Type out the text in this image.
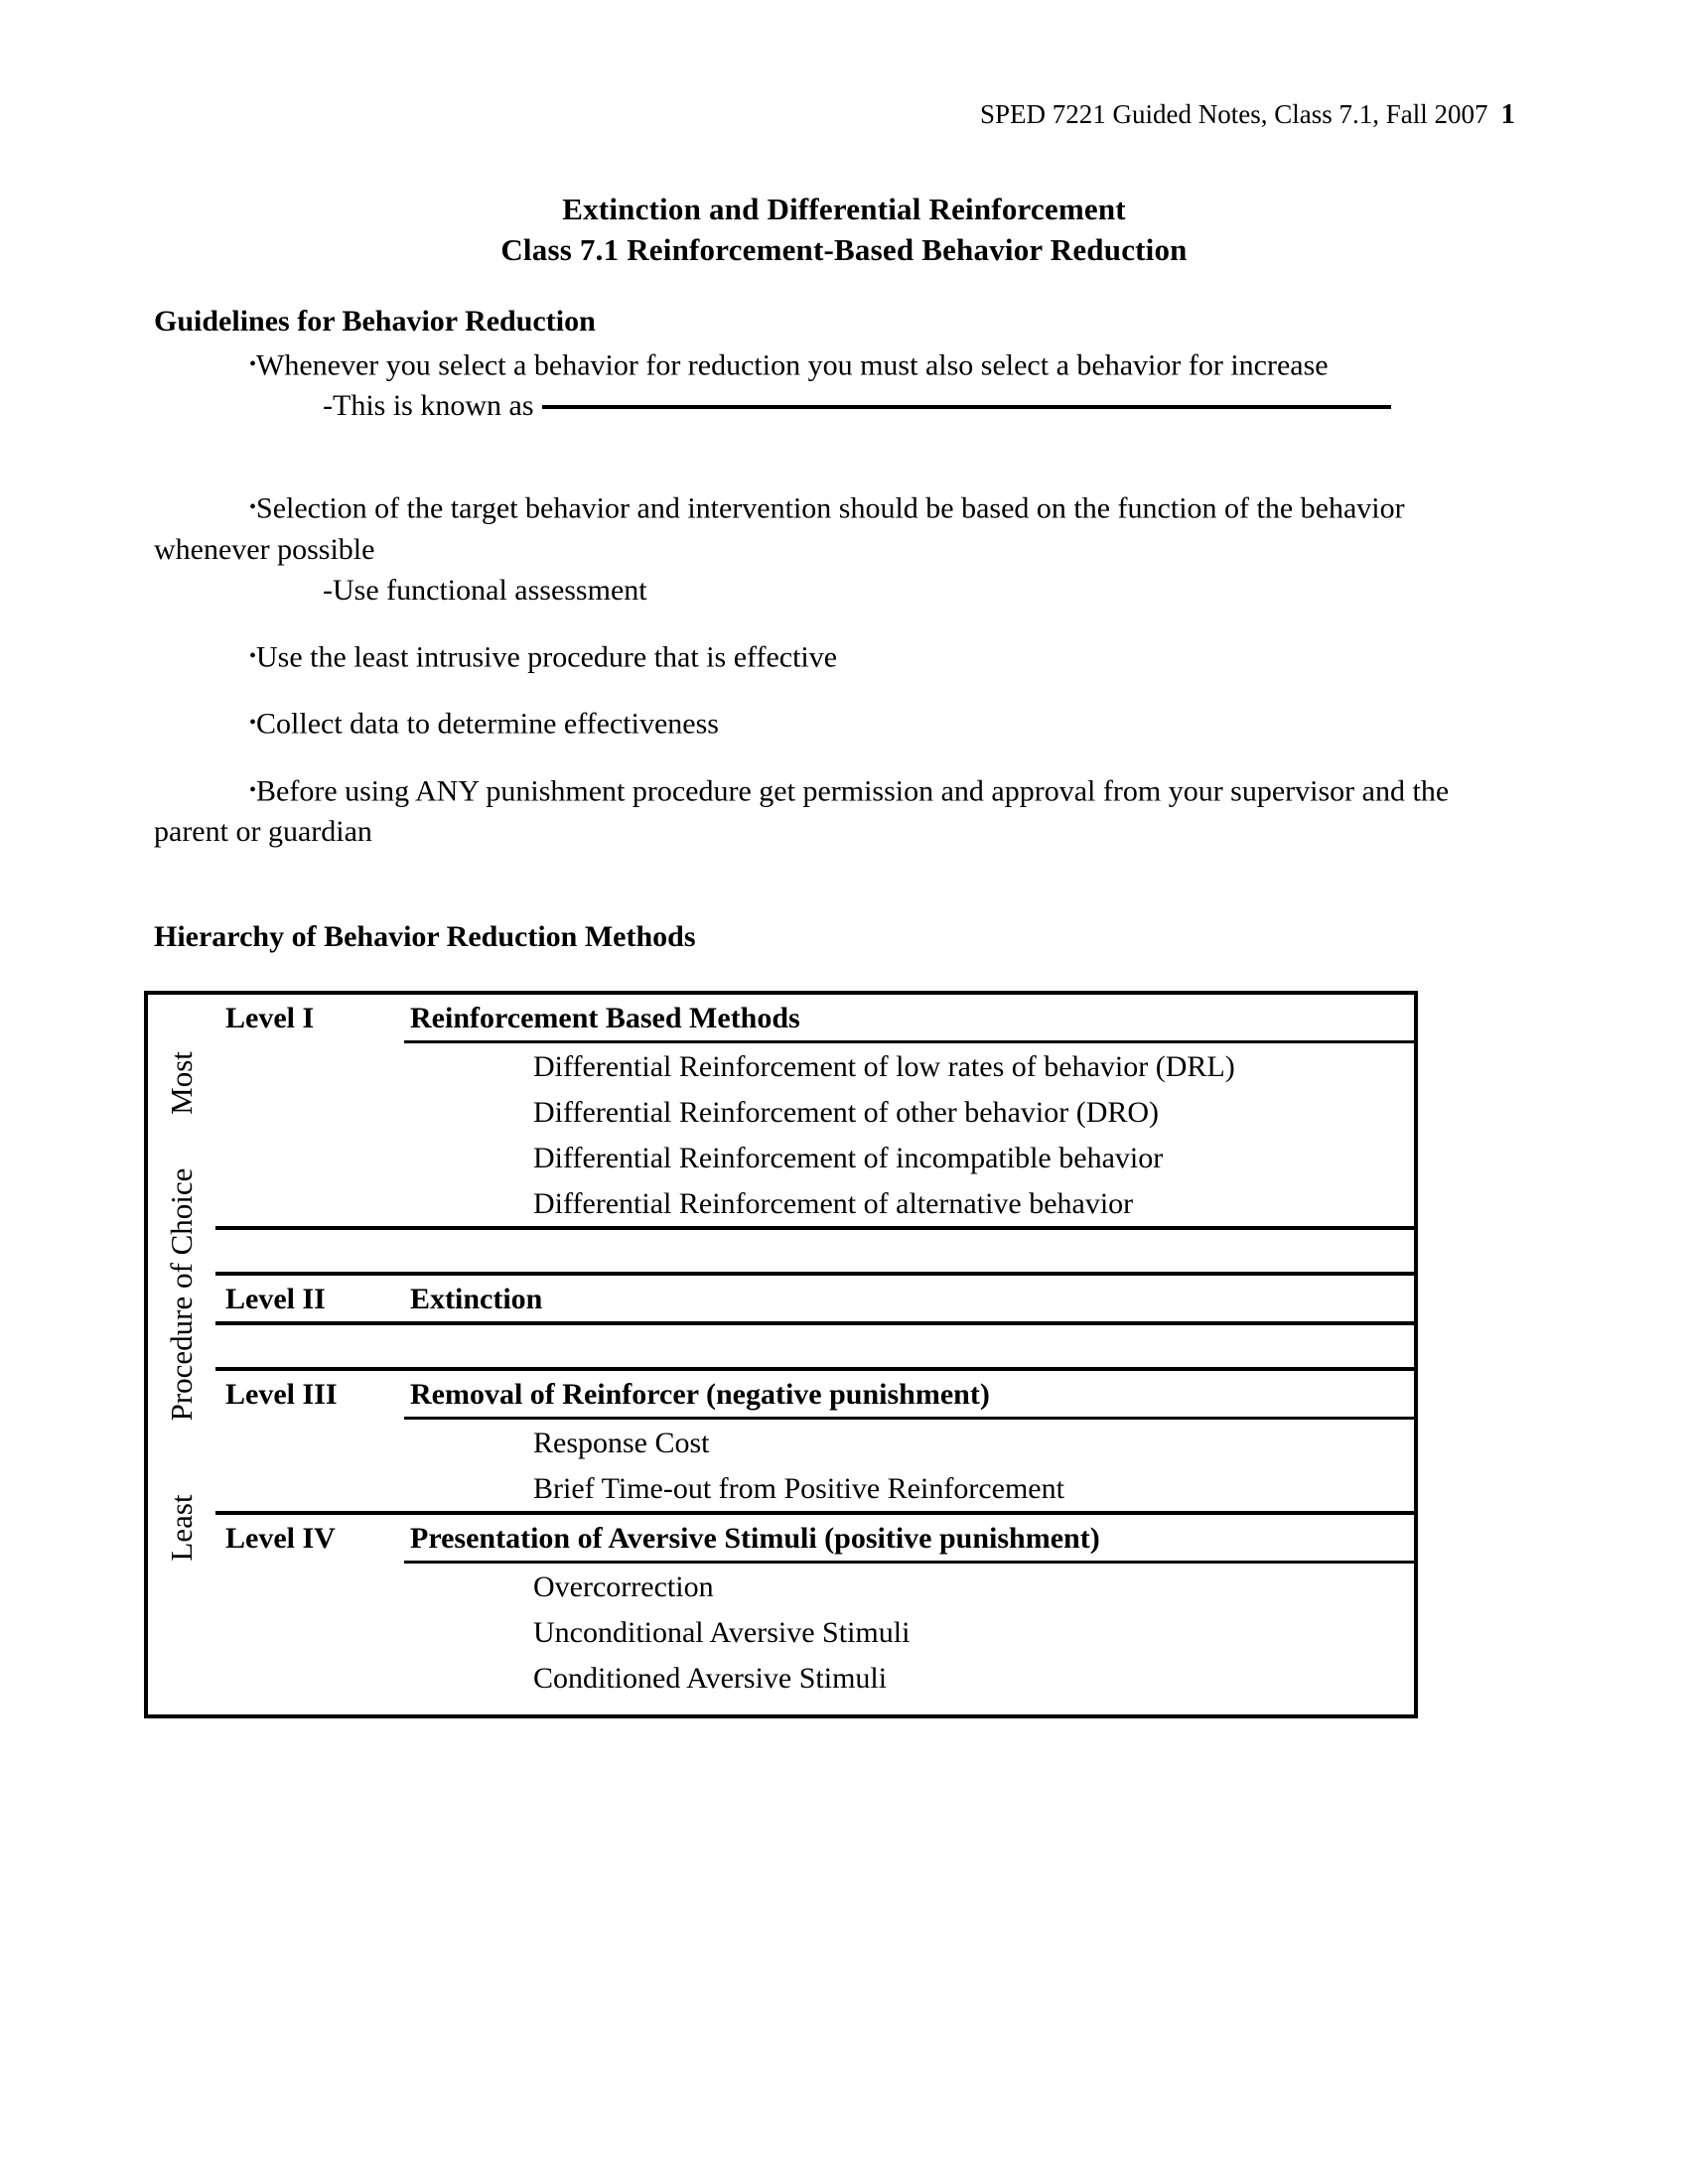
SPED 7221 Guided Notes, Class 7.1, Fall 2007 1
Extinction and Differential Reinforcement
Class 7.1 Reinforcement-Based Behavior Reduction
Guidelines for Behavior Reduction
•Whenever you select a behavior for reduction you must also select a behavior for increase
-This is known as
•Selection of the target behavior and intervention should be based on the function of the behavior whenever possible
-Use functional assessment
•Use the least intrusive procedure that is effective
•Collect data to determine effectiveness
•Before using ANY punishment procedure get permission and approval from your supervisor and the parent or guardian
Hierarchy of Behavior Reduction Methods
Most
Procedure of Choice
Least

Level I	Reinforcement Based Methods
	Differential Reinforcement of low rates of behavior (DRL)
	Differential Reinforcement of other behavior (DRO)
	Differential Reinforcement of incompatible behavior
	Differential Reinforcement of alternative behavior

Level II	Extinction

Level III	Removal of Reinforcer (negative punishment)
	Response Cost
	Brief Time-out from Positive Reinforcement
Level IV	Presentation of Aversive Stimuli (positive punishment)
	Overcorrection
	Unconditional Aversive Stimuli
	Conditioned Aversive Stimuli
